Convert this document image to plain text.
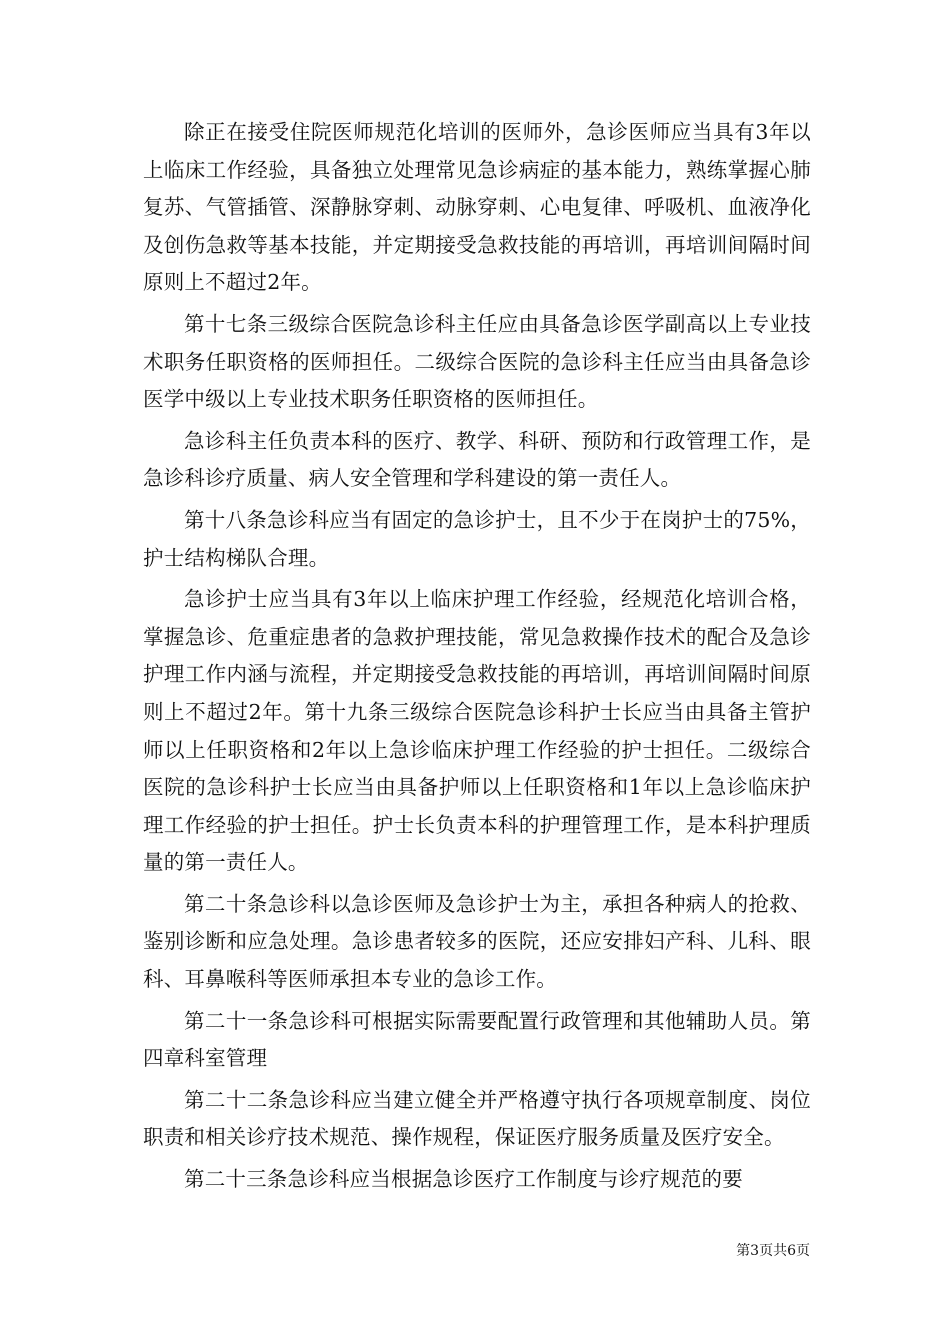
除正在接受住院医师规范化培训的医师外，急诊医师应当具有3年以上临床工作经验，具备独立处理常见急诊病症的基本能力，熟练掌握心肺复苏、气管插管、深静脉穿刺、动脉穿刺、心电复律、呼吸机、血液净化及创伤急救等基本技能，并定期接受急救技能的再培训，再培训间隔时间原则上不超过2年。

第十七条三级综合医院急诊科主任应由具备急诊医学副高以上专业技术职务任职资格的医师担任。二级综合医院的急诊科主任应当由具备急诊医学中级以上专业技术职务任职资格的医师担任。

急诊科主任负责本科的医疗、教学、科研、预防和行政管理工作，是急诊科诊疗质量、病人安全管理和学科建设的第一责任人。

第十八条急诊科应当有固定的急诊护士，且不少于在岗护士的75%，护士结构梯队合理。

急诊护士应当具有3年以上临床护理工作经验，经规范化培训合格，掌握急诊、危重症患者的急救护理技能，常见急救操作技术的配合及急诊护理工作内涵与流程，并定期接受急救技能的再培训，再培训间隔时间原则上不超过2年。第十九条三级综合医院急诊科护士长应当由具备主管护师以上任职资格和2年以上急诊临床护理工作经验的护士担任。二级综合医院的急诊科护士长应当由具备护师以上任职资格和1年以上急诊临床护理工作经验的护士担任。护士长负责本科的护理管理工作，是本科护理质量的第一责任人。

第二十条急诊科以急诊医师及急诊护士为主，承担各种病人的抢救、鉴别诊断和应急处理。急诊患者较多的医院，还应安排妇产科、儿科、眼科、耳鼻喉科等医师承担本专业的急诊工作。

第二十一条急诊科可根据实际需要配置行政管理和其他辅助人员。第四章科室管理

第二十二条急诊科应当建立健全并严格遵守执行各项规章制度、岗位职责和相关诊疗技术规范、操作规程，保证医疗服务质量及医疗安全。

第二十三条急诊科应当根据急诊医疗工作制度与诊疗规范的要

第3页共6页
